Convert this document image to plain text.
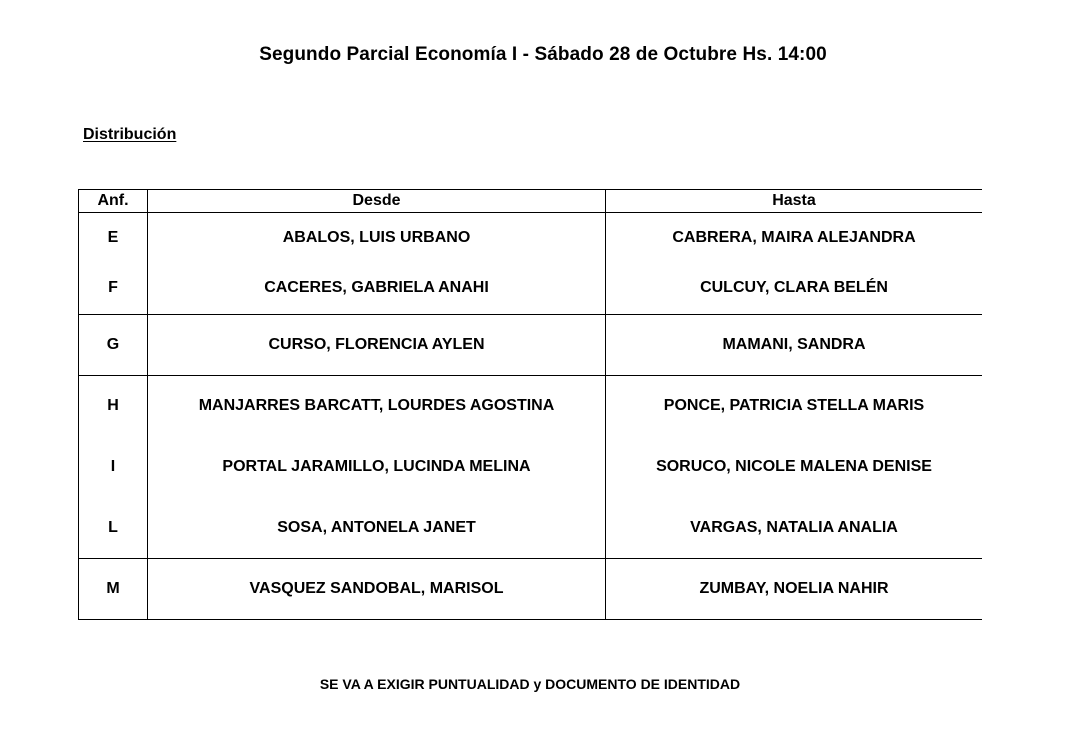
Segundo Parcial Economía I - Sábado 28 de Octubre Hs. 14:00
Distribución
Anf.	Desde	Hasta
E	ABALOS, LUIS URBANO	CABRERA, MAIRA ALEJANDRA
F	CACERES, GABRIELA ANAHI	CULCUY, CLARA BELÉN
G	CURSO, FLORENCIA AYLEN	MAMANI, SANDRA
H	MANJARRES BARCATT, LOURDES AGOSTINA	PONCE, PATRICIA STELLA MARIS
I	PORTAL JARAMILLO, LUCINDA MELINA	SORUCO, NICOLE MALENA DENISE
L	SOSA, ANTONELA JANET	VARGAS, NATALIA ANALIA
M	VASQUEZ SANDOBAL, MARISOL	ZUMBAY, NOELIA NAHIR
SE VA A EXIGIR PUNTUALIDAD y DOCUMENTO DE IDENTIDAD
